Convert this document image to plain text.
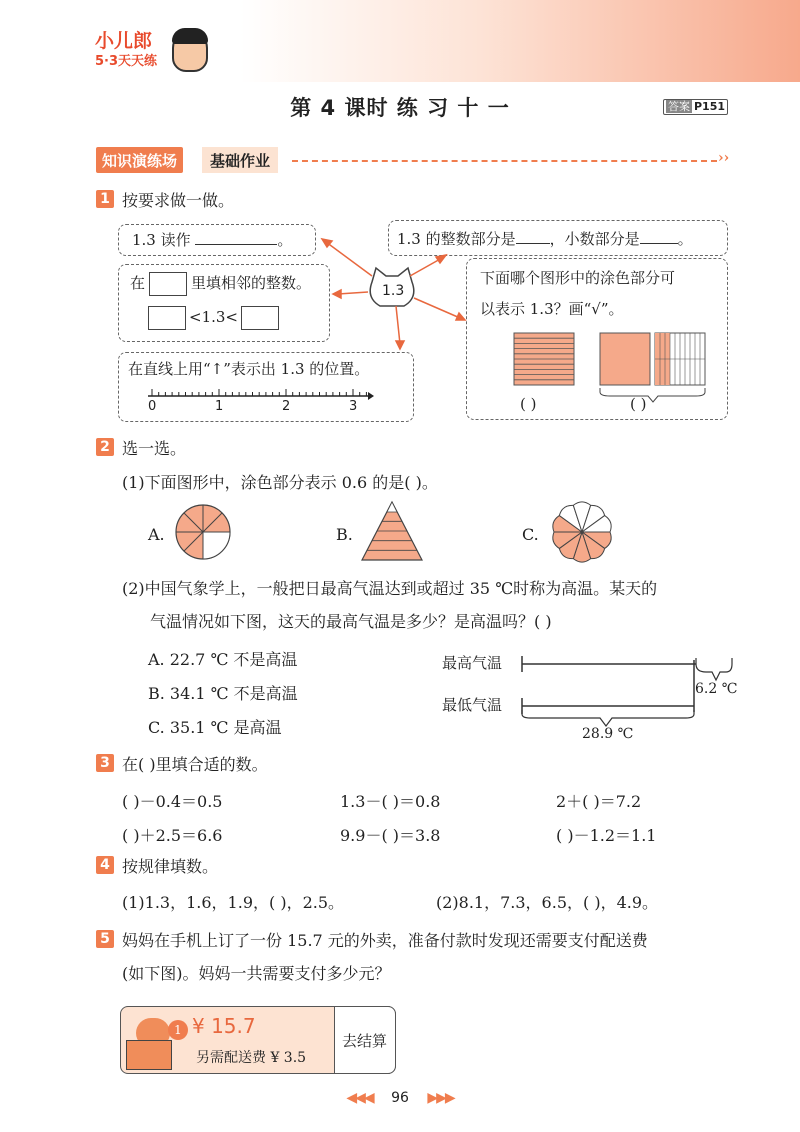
小儿郎
5·3天天练
第 4 课时 练 习 十 一	答案 P151
知识演练场	基础作业	››
1 按要求做一做。
1.3 读作	。	1.3 的整数部分是 ，小数部分是	。
在	里填相邻的整数。
<1.3<
在直线上用“↑”表示出 1.3 的位置。
1.3
0	1	2	3
下面哪个图形中的涂色部分可
以表示 1.3？画“√”。
( )	( )
2 选一选。
(1)下面图形中，涂色部分表示 0.6 的是( )。
A.	B.	C.
(2)中国气象学上，一般把日最高气温达到或超过 35 ℃时称为高温。某天的
气温情况如下图，这天的最高气温是多少？是高温吗？( )
A. 22.7 ℃ 不是高温
B. 34.1 ℃ 不是高温
C. 35.1 ℃ 是高温
最高气温
最低气温
6.2 ℃
28.9 ℃
3 在( )里填合适的数。
( )－0.4＝0.5	1.3－( )＝0.8	2＋( )＝7.2
( )＋2.5＝6.6	9.9－( )＝3.8	( )－1.2＝1.1
4 按规律填数。
(1)1.3，1.6，1.9，( )，2.5。	(2)8.1，7.3，6.5，( )，4.9。
5 妈妈在手机上订了一份 15.7 元的外卖，准备付款时发现还需要支付配送费
(如下图)。妈妈一共需要支付多少元？
去结算
1 ¥ 15.7
另需配送费 ¥ 3.5
◀◀◀ 96 ▶▶▶
